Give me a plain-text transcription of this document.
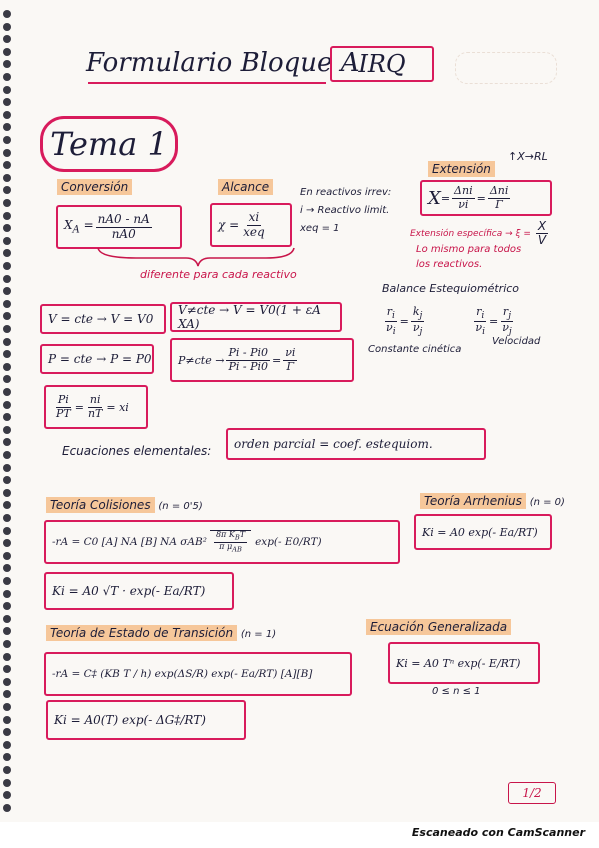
Formulario Bloque A
IRQ
Tema 1	↑X→RL
Conversión
$X_A = \frac{nA0 - nA}{nA0}$
diferente para cada reactivo
Alcance
$\chi = \frac{xi}{\text{xeq}}$
En reactivos irrev:
i → Reactivo limit.
xeq = 1
Extensión
$X = \frac{\text{Δni}}{\nu i} = \frac{\text{Δni}}{\Gamma}$
Extensión específica → $\xi = \frac{X}{V}$
Lo mismo para todos
los reactivos.
Balance Estequiométrico
$\frac{r_i}{\nu_i} = \frac{k_j}{\nu_j}$
	$\frac{r_i}{\nu_i} = \frac{r_j}{\nu_j}$
Constante cinética
Velocidad
V = cte → V = V0
V≠cte → V = V0(1 + εA XA)
P = cte → P = P0 $P\ne cte \to \frac{Pi - Pi0}{Pi - Pi0} = \frac{\nu i}{\Gamma}$
$\frac{Pi}{PT} = \frac{ni}{nT}$ = xi
Ecuaciones elementales:	orden parcial = coef. estequiom.
Teoría Colisiones (n = 0'5)
-rA = C0 [A] NA [B] NA $\sigma AB^2 \frac{8\pi K_BT}{\pi \mu_{AB}} \exp(-$ E0/RT)
Ki = A0 √T · exp(- Ea/RT)
Teoría Arrhenius (n = 0)
Ki = A0 exp(- Ea/RT)
Teoría de Estado de Transición (n = 1)
-rA = C‡ (KB T / h) exp(ΔS/R) exp(- Ea/RT) [A][B]
Ki = A0(T) exp(- ΔG‡/RT)
Ecuación Generalizada
Ki = A0 Tⁿ exp(- E/RT)
0 ≤ n ≤ 1
1/2
Escaneado con CamScanner
